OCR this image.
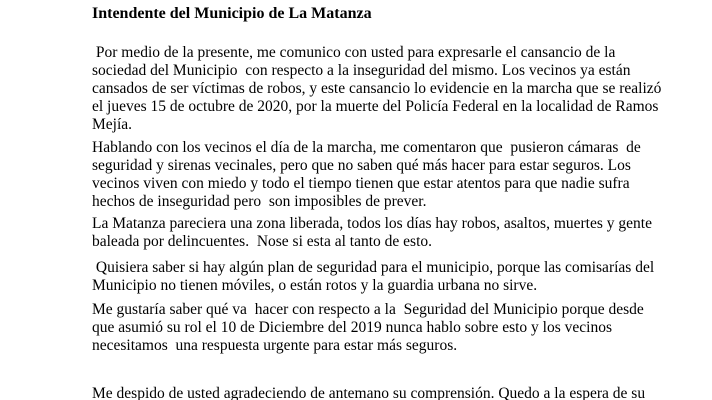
Intendente del Municipio de La Matanza

Por medio de la presente, me comunico con usted para expresarle el cansancio de la

sociedad del Municipio  con respecto a la inseguridad del mismo. Los vecinos ya están

cansados de ser víctimas de robos, y este cansancio lo evidencie en la marcha que se realizó

el jueves 15 de octubre de 2020, por la muerte del Policía Federal en la localidad de Ramos

Mejía.

Hablando con los vecinos el día de la marcha, me comentaron que  pusieron cámaras  de

seguridad y sirenas vecinales, pero que no saben qué más hacer para estar seguros. Los

vecinos viven con miedo y todo el tiempo tienen que estar atentos para que nadie sufra

hechos de inseguridad pero  son imposibles de prever.

La Matanza pareciera una zona liberada, todos los días hay robos, asaltos, muertes y gente

baleada por delincuentes.  Nose si esta al tanto de esto.

Quisiera saber si hay algún plan de seguridad para el municipio, porque las comisarías del

Municipio no tienen móviles, o están rotos y la guardia urbana no sirve.

Me gustaría saber qué va  hacer con respecto a la  Seguridad del Municipio porque desde

que asumió su rol el 10 de Diciembre del 2019 nunca hablo sobre esto y los vecinos

necesitamos  una respuesta urgente para estar más seguros.

Me despido de usted agradeciendo de antemano su comprensión. Quedo a la espera de su
